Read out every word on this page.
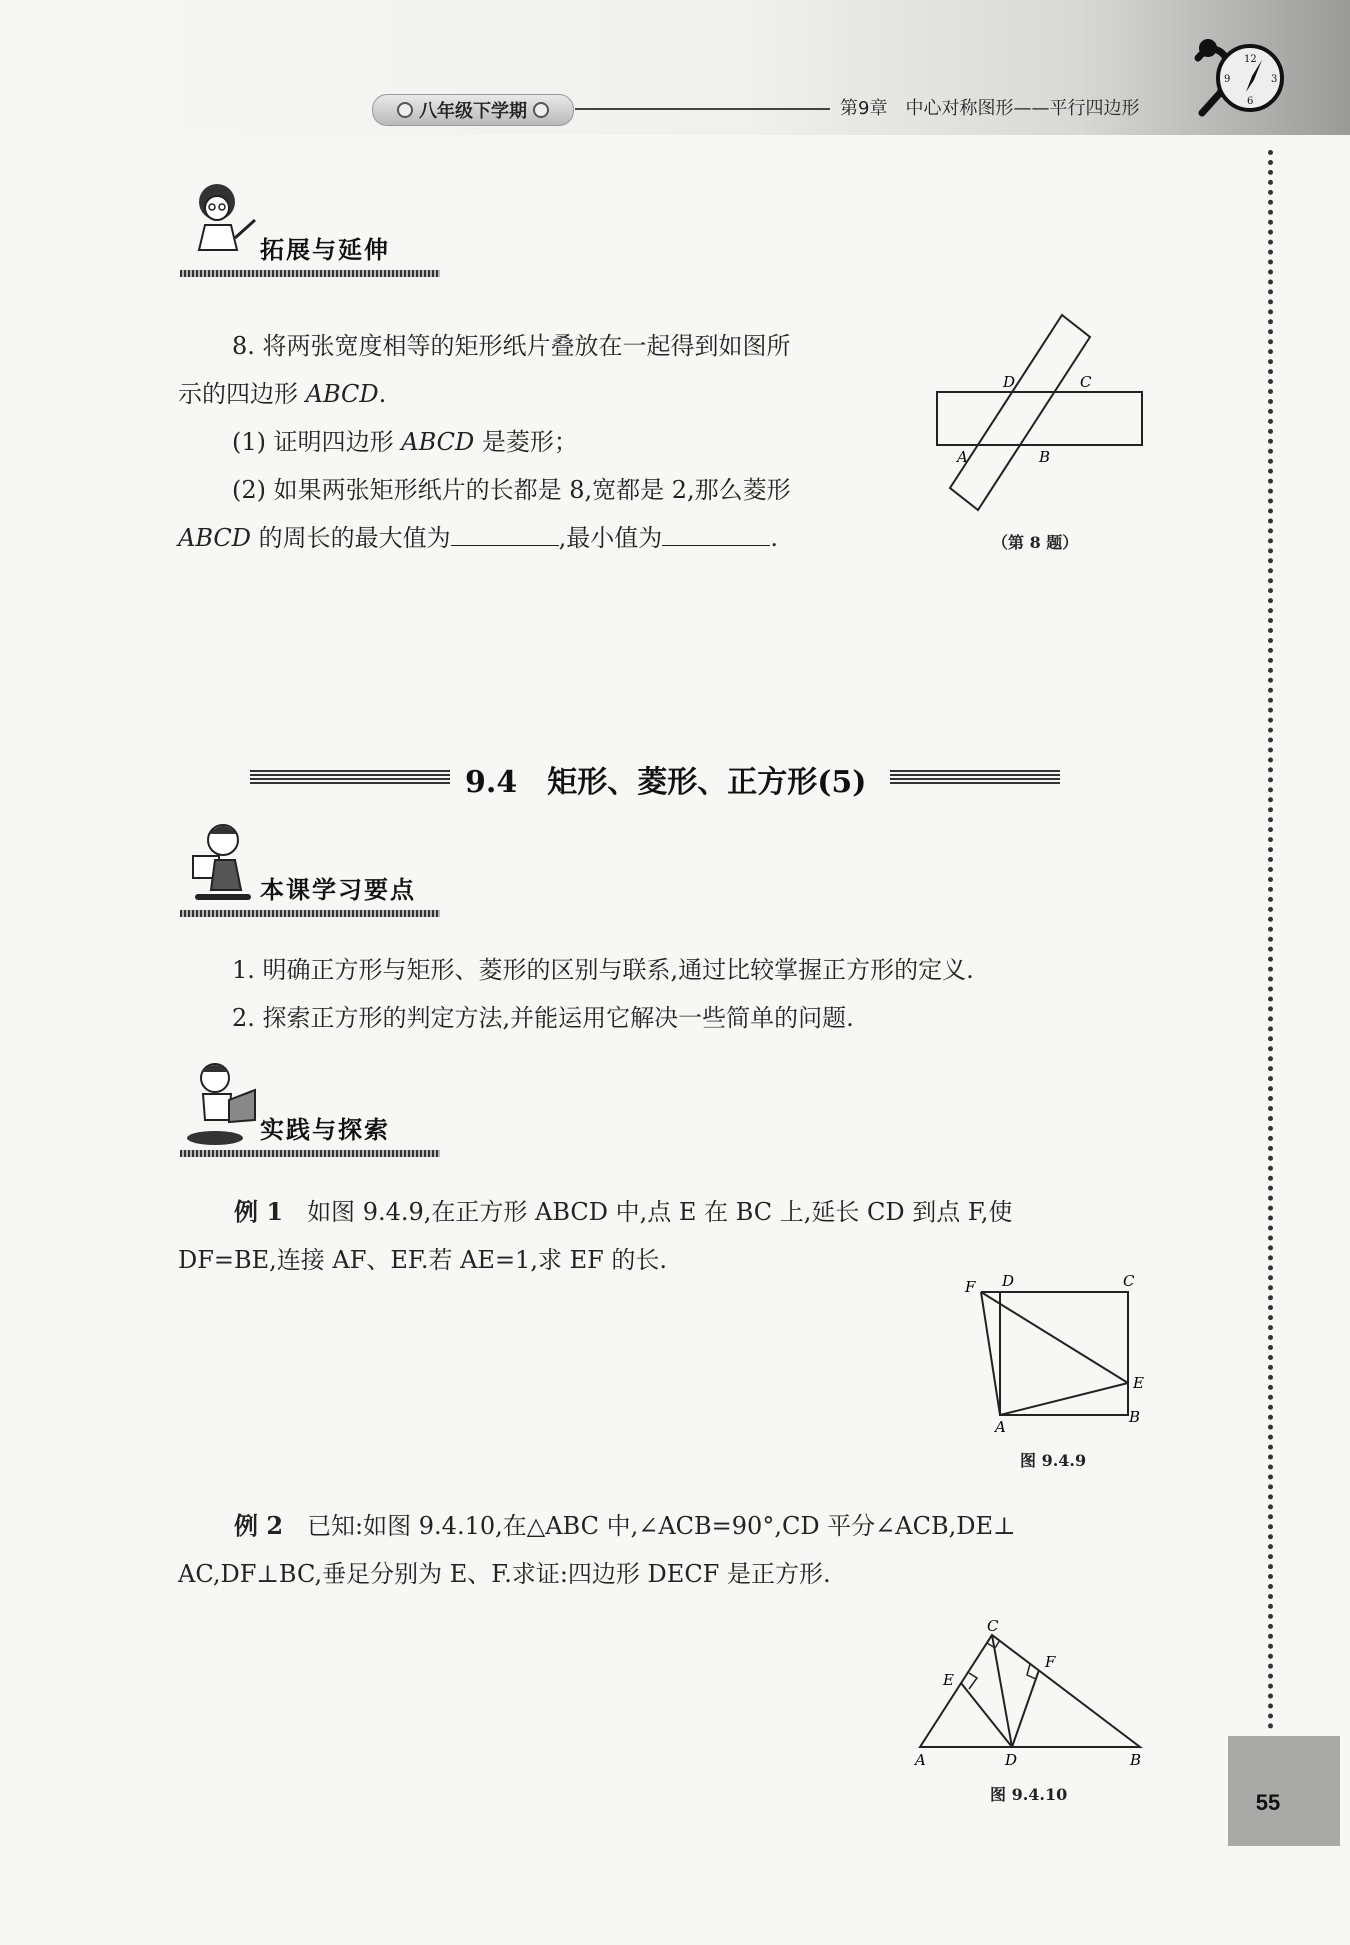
八年级下学期	第9章　中心对称图形——平行四边形
12
6
9	3
55
拓展与延伸
8. 将两张宽度相等的矩形纸片叠放在一起得到如图所
示的四边形 ABCD.
(1) 证明四边形 ABCD 是菱形；
(2) 如果两张矩形纸片的长都是 8,宽都是 2,那么菱形
ABCD 的周长的最大值为	,最小值为	.
D	C
A	B
（第 8 题）
9.4　矩形、菱形、正方形(5)
本课学习要点
1. 明确正方形与矩形、菱形的区别与联系,通过比较掌握正方形的定义.
2. 探索正方形的判定方法,并能运用它解决一些简单的问题.
实践与探索
例 1　 如图 9.4.9,在正方形 ABCD 中,点 E 在 BC 上,延长 CD 到点 F,使
DF=BE,连接 AF、EF.若 AE=1,求 EF 的长.
F D	C
E
A
B
图 9.4.9
例 2　 已知:如图 9.4.10,在△ABC 中,∠ACB=90°,CD 平分∠ACB,DE⊥
AC,DF⊥BC,垂足分别为 E、F.求证:四边形 DECF 是正方形.
C
E
F
A	D	B
图 9.4.10
